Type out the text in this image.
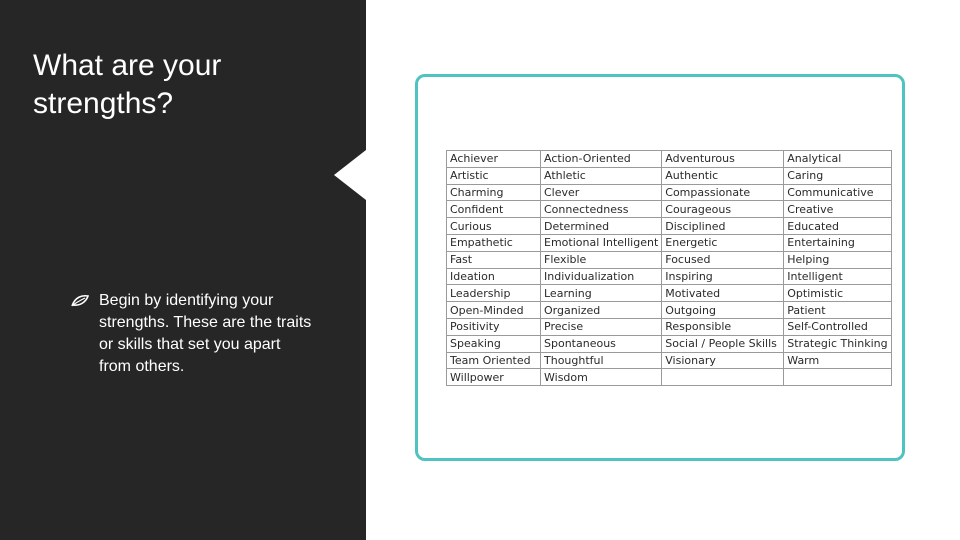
What are your strengths?
Begin by identifying your strengths. These are the traits or skills that set you apart from others.
Achiever	Action-Oriented	Adventurous	Analytical
Artistic	Athletic	Authentic	Caring
Charming	Clever	Compassionate	Communicative
Confident	Connectedness	Courageous	Creative
Curious	Determined	Disciplined	Educated
Empathetic	Emotional Intelligent	Energetic	Entertaining
Fast	Flexible	Focused	Helping
Ideation	Individualization	Inspiring	Intelligent
Leadership	Learning	Motivated	Optimistic
Open-Minded	Organized	Outgoing	Patient
Positivity	Precise	Responsible	Self-Controlled
Speaking	Spontaneous	Social / People Skills	Strategic Thinking
Team Oriented	Thoughtful	Visionary	Warm
Willpower	Wisdom		
